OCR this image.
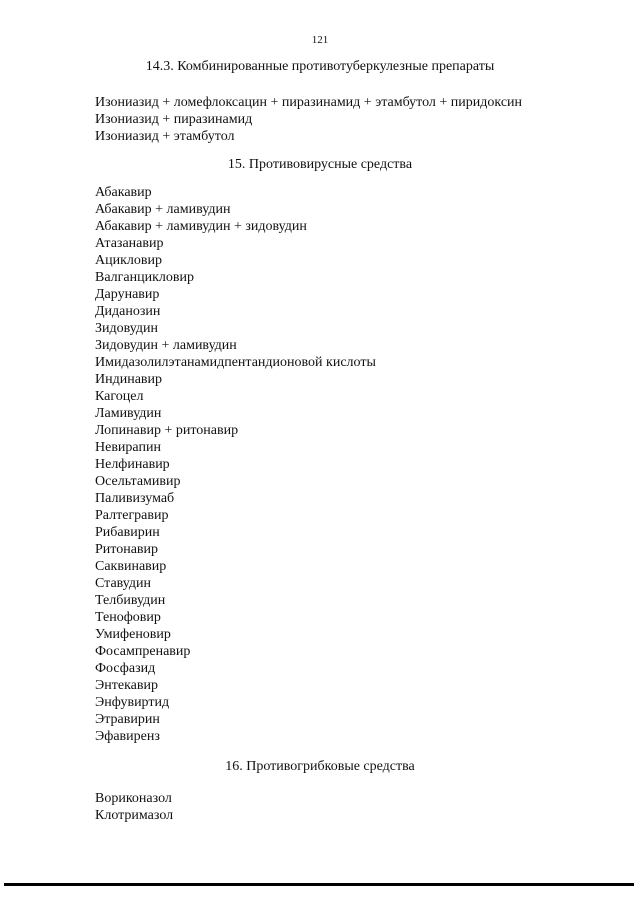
121
14.3. Комбинированные противотуберкулезные препараты
Изониазид + ломефлоксацин + пиразинамид + этамбутол + пиридоксин
Изониазид + пиразинамид
Изониазид + этамбутол
15. Противовирусные средства
Абакавир
Абакавир + ламивудин
Абакавир + ламивудин + зидовудин
Атазанавир
Ацикловир
Валганцикловир
Дарунавир
Диданозин
Зидовудин
Зидовудин + ламивудин
Имидазолилэтанамидпентандионовой кислоты
Индинавир
Кагоцел
Ламивудин
Лопинавир + ритонавир
Невирапин
Нелфинавир
Осельтамивир
Паливизумаб
Ралтегравир
Рибавирин
Ритонавир
Саквинавир
Ставудин
Телбивудин
Тенофовир
Умифеновир
Фосампренавир
Фосфазид
Энтекавир
Энфувиртид
Этравирин
Эфавиренз
16. Противогрибковые средства
Вориконазол
Клотримазол
